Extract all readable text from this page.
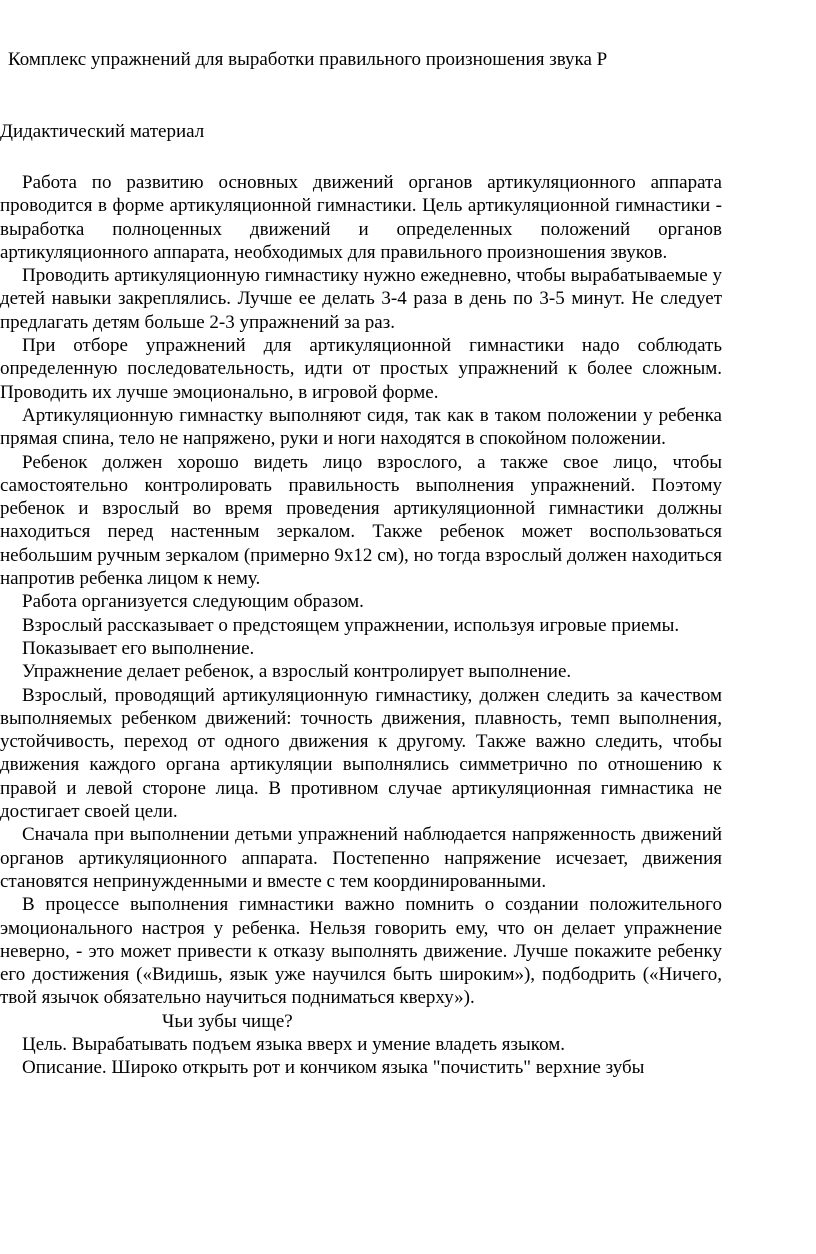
Комплекс упражнений для выработки правильного произношения звука Р
Дидактический материал

Работа по развитию основных движений органов артикуляционного аппарата проводится в форме артикуляционной гимнастики. Цель артикуляционной гимнастики - выработка полноценных движений и определенных положений органов артикуляционного аппарата, необходимых для правильного произношения звуков.

Проводить артикуляционную гимнастику нужно ежедневно, чтобы вырабатываемые у детей навыки закреплялись. Лучше ее делать 3-4 раза в день по 3-5 минут. Не следует предлагать детям больше 2-3 упражнений за раз.

При отборе упражнений для артикуляционной гимнастики надо соблюдать определенную последовательность, идти от простых упражнений к более сложным. Проводить их лучше эмоционально, в игровой форме.

Артикуляционную гимнастку выполняют сидя, так как в таком положении у ребенка прямая спина, тело не напряжено, руки и ноги находятся в спокойном положении.

Ребенок должен хорошо видеть лицо взрослого, а также свое лицо, чтобы самостоятельно контролировать правильность выполнения упражнений. Поэтому ребенок и взрослый во время проведения артикуляционной гимнастики должны находиться перед настенным зеркалом. Также ребенок может воспользоваться небольшим ручным зеркалом (примерно 9х12 см), но тогда взрослый должен находиться напротив ребенка лицом к нему.

Работа организуется следующим образом.

Взрослый рассказывает о предстоящем упражнении, используя игровые приемы.

Показывает его выполнение.

Упражнение делает ребенок, а взрослый контролирует выполнение.

Взрослый, проводящий артикуляционную гимнастику, должен следить за качеством выполняемых ребенком движений: точность движения, плавность, темп выполнения, устойчивость, переход от одного движения к другому. Также важно следить, чтобы движения каждого органа артикуляции выполнялись симметрично по отношению к правой и левой стороне лица. В противном случае артикуляционная гимнастика не достигает своей цели.

Сначала при выполнении детьми упражнений наблюдается напряженность движений органов артикуляционного аппарата. Постепенно напряжение исчезает, движения становятся непринужденными и вместе с тем координированными.

В процессе выполнения гимнастики важно помнить о создании положительного эмоционального настроя у ребенка. Нельзя говорить ему, что он делает упражнение неверно, - это может привести к отказу выполнять движение. Лучше покажите ребенку его достижения («Видишь, язык уже научился быть широким»), подбодрить («Ничего, твой язычок обязательно научиться подниматься кверху»).

Чьи зубы чище?

Цель. Вырабатывать подъем языка вверх и умение владеть языком.

Описание. Широко открыть рот и кончиком языка "почистить" верхние зубы
